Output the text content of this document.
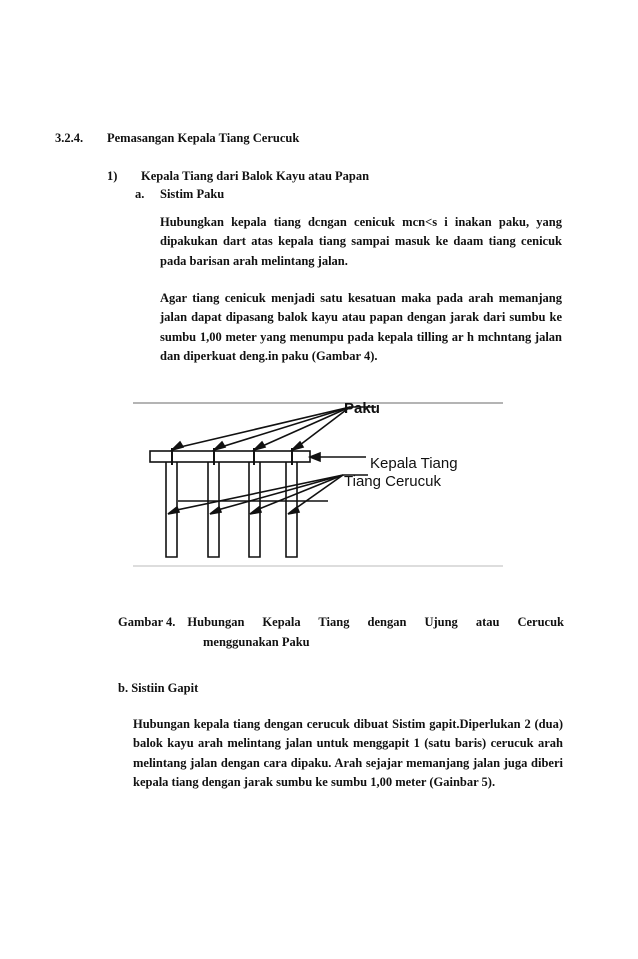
3.2.4. Pemasangan Kepala Tiang Cerucuk
1) Kepala Tiang dari Balok Kayu atau Papan
a. Sistim Paku
Hubungkan kepala tiang dcngan cenicuk mcn<s i inakan paku, yang dipakukan dart atas kepala tiang sampai masuk ke daam tiang cenicuk pada barisan arah melintang jalan.
Agar tiang cenicuk menjadi satu kesatuan maka pada arah memanjang jalan dapat dipasang balok kayu atau papan dengan jarak dari sumbu ke sumbu 1,00 meter yang menumpu pada kepala tilling ar h mchntang jalan dan diperkuat deng.in paku (Gambar 4).
Paku
Kepala Tiang
Tiang Cerucuk
Gambar 4. Hubungan Kepala Tiang dengan Ujung atau Cerucuk
menggunakan Paku
b. Sistiin Gapit
Hubungan kepala tiang dengan cerucuk dibuat Sistim gapit.Diperlukan 2 (dua) balok kayu arah melintang jalan untuk menggapit 1 (satu baris) cerucuk arah melintang jalan dengan cara dipaku. Arah sejajar memanjang jalan juga diberi kepala tiang dengan jarak sumbu ke sumbu 1,00 meter (Gainbar 5).
